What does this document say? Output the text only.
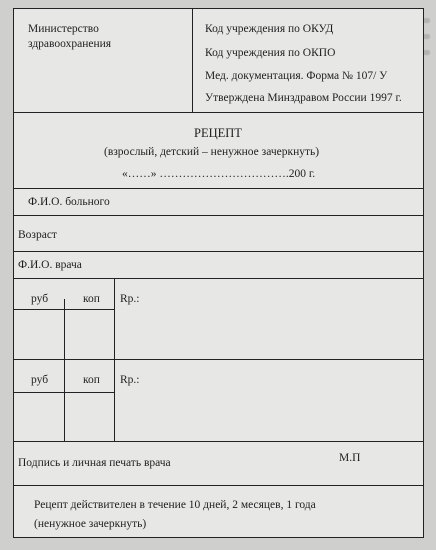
Министерство
здравоохранения
Код учреждения по ОКУД
Код учреждения по ОКПО
Мед. документация. Форма № 107/ У
Утверждена Минздравом России 1997 г.
РЕЦЕПТ
(взрослый, детский – ненужное зачеркнуть)
«……» …………………………….200 г.
Ф.И.О. больного
Возраст
Ф.И.О. врача
руб	коп Rp.:
руб	коп Rp.:
М.П
Подпись и личная печать врача
Рецепт действителен в течение 10 дней, 2 месяцев, 1 года
(ненужное зачеркнуть)
